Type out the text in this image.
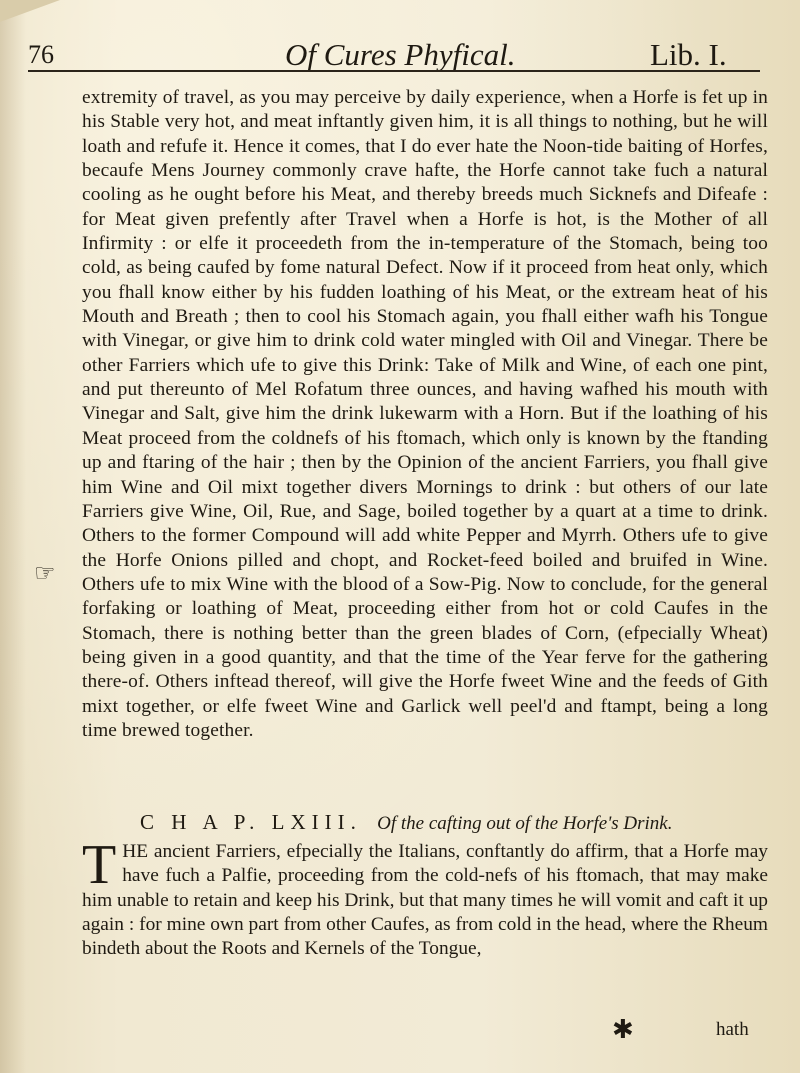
76	Of Cures Phyfical.	Lib. I.

extremity of travel, as you may perceive by daily experience, when a Horfe is fet up in his Stable very hot, and meat inftantly given him, it is all things to nothing, but he will loath and refufe it. Hence it comes, that I do ever hate the Noon-tide baiting of Horfes, becaufe Mens Journey commonly crave hafte, the Horfe cannot take fuch a natural cooling as he ought before his Meat, and thereby breeds much Sicknefs and Difeafe : for Meat given prefently after Travel when a Horfe is hot, is the Mother of all Infirmity : or elfe it proceedeth from the in-temperature of the Stomach, being too cold, as being caufed by fome natural Defect. Now if it proceed from heat only, which you fhall know either by his fudden loathing of his Meat, or the extream heat of his Mouth and Breath ; then to cool his Stomach again, you fhall either wafh his Tongue with Vinegar, or give him to drink cold water mingled with Oil and Vinegar. There be other Farriers which ufe to give this Drink: Take of Milk and Wine, of each one pint, and put thereunto of Mel Rofatum three ounces, and having wafhed his mouth with Vinegar and Salt, give him the drink lukewarm with a Horn. But if the loathing of his Meat proceed from the coldnefs of his ftomach, which only is known by the ftanding up and ftaring of the hair ; then by the Opinion of the ancient Farriers, you fhall give him Wine and Oil mixt together divers Mornings to drink : but others of our late Farriers give Wine, Oil, Rue, and Sage, boiled together by a quart at a time to drink. Others to the former Compound will add white Pepper and Myrrh. Others ufe to give the Horfe Onions pilled and chopt, and Rocket-feed boiled and bruifed in Wine. Others ufe to mix Wine with the blood of a Sow-Pig. Now to conclude, for the general forfaking or loathing of Meat, proceeding either from hot or cold Caufes in the Stomach, there is nothing better than the green blades of Corn, (efpecially Wheat) being given in a good quantity, and that the time of the Year ferve for the gathering there-of. Others inftead thereof, will give the Horfe fweet Wine and the feeds of Gith mixt together, or elfe fweet Wine and Garlick well peel'd and ftampt, being a long time brewed together.

☞
C H A P. LXIII. Of the cafting out of the Horfe's Drink.
T HE ancient Farriers, efpecially the Italians, conftantly do affirm, that a Horfe may have fuch a Palfie, proceeding from the cold-nefs of his ftomach, that may make him unable to retain and keep his Drink, but that many times he will vomit and caft it up again : for mine own part from other Caufes, as from cold in the head, where the Rheum bindeth about the Roots and Kernels of the Tongue,
✱	hath
